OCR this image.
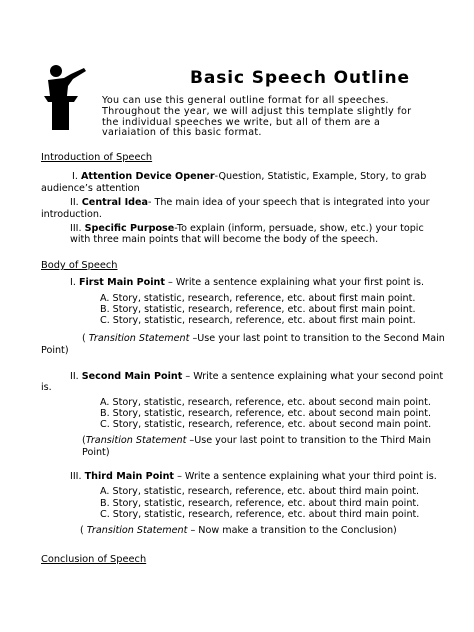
Basic Speech Outline
You can use this general outline format for all speeches.
Throughout the year, we will adjust this template slightly for
the individual speeches we write, but all of them are a
variaiation of this basic format.
Introduction of Speech
I. Attention Device Opener-Question, Statistic, Example, Story, to grab
audience’s attention
II. Central Idea- The main idea of your speech that is integrated into your
introduction.
III. Specific Purpose-To explain (inform, persuade, show, etc.) your topic
with three main points that will become the body of the speech.
Body of Speech
I. First Main Point – Write a sentence explaining what your first point is.
A. Story, statistic, research, reference, etc. about first main point.
B. Story, statistic, research, reference, etc. about first main point.
C. Story, statistic, research, reference, etc. about first main point.
( Transition Statement –Use your last point to transition to the Second Main
Point)
II. Second Main Point – Write a sentence explaining what your second point
is.
A. Story, statistic, research, reference, etc. about second main point.
B. Story, statistic, research, reference, etc. about second main point.
C. Story, statistic, research, reference, etc. about second main point.
(Transition Statement –Use your last point to transition to the Third Main
Point)
III. Third Main Point – Write a sentence explaining what your third point is.
A. Story, statistic, research, reference, etc. about third main point.
B. Story, statistic, research, reference, etc. about third main point.
C. Story, statistic, research, reference, etc. about third main point.
( Transition Statement – Now make a transition to the Conclusion)
Conclusion of Speech
